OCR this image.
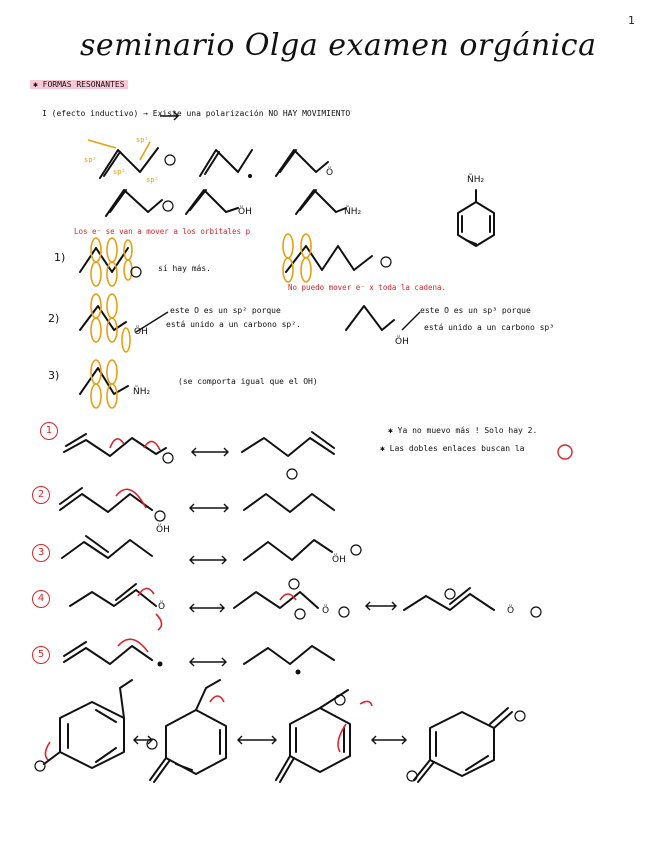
1
seminario Olga examen orgánica
✱ FORMAS RESONANTES
I (efecto inductivo) → Existe una polarización NO HAY MOVIMIENTO
sp²
sp²
sp²
sp²
Ö
ÖH	ÑH₂
ÑH₂
ÖH
ÑH₂
ÖH
ÖH
ÖH
Ö	Ö	Ö
Los e⁻ se van a mover a los orbitales p
No puedo mover e⁻ x toda la cadena.
sí hay más.
este O es un sp² porque
está unido a un carbono sp².
este O es un sp³ porque
está unido a un carbono sp³
(se comporta igual que el OH)
✱ Ya no muevo más ! Solo hay 2.
✱ Las dobles enlaces buscan la
1)
2)
3)
1
2
3
4
5
